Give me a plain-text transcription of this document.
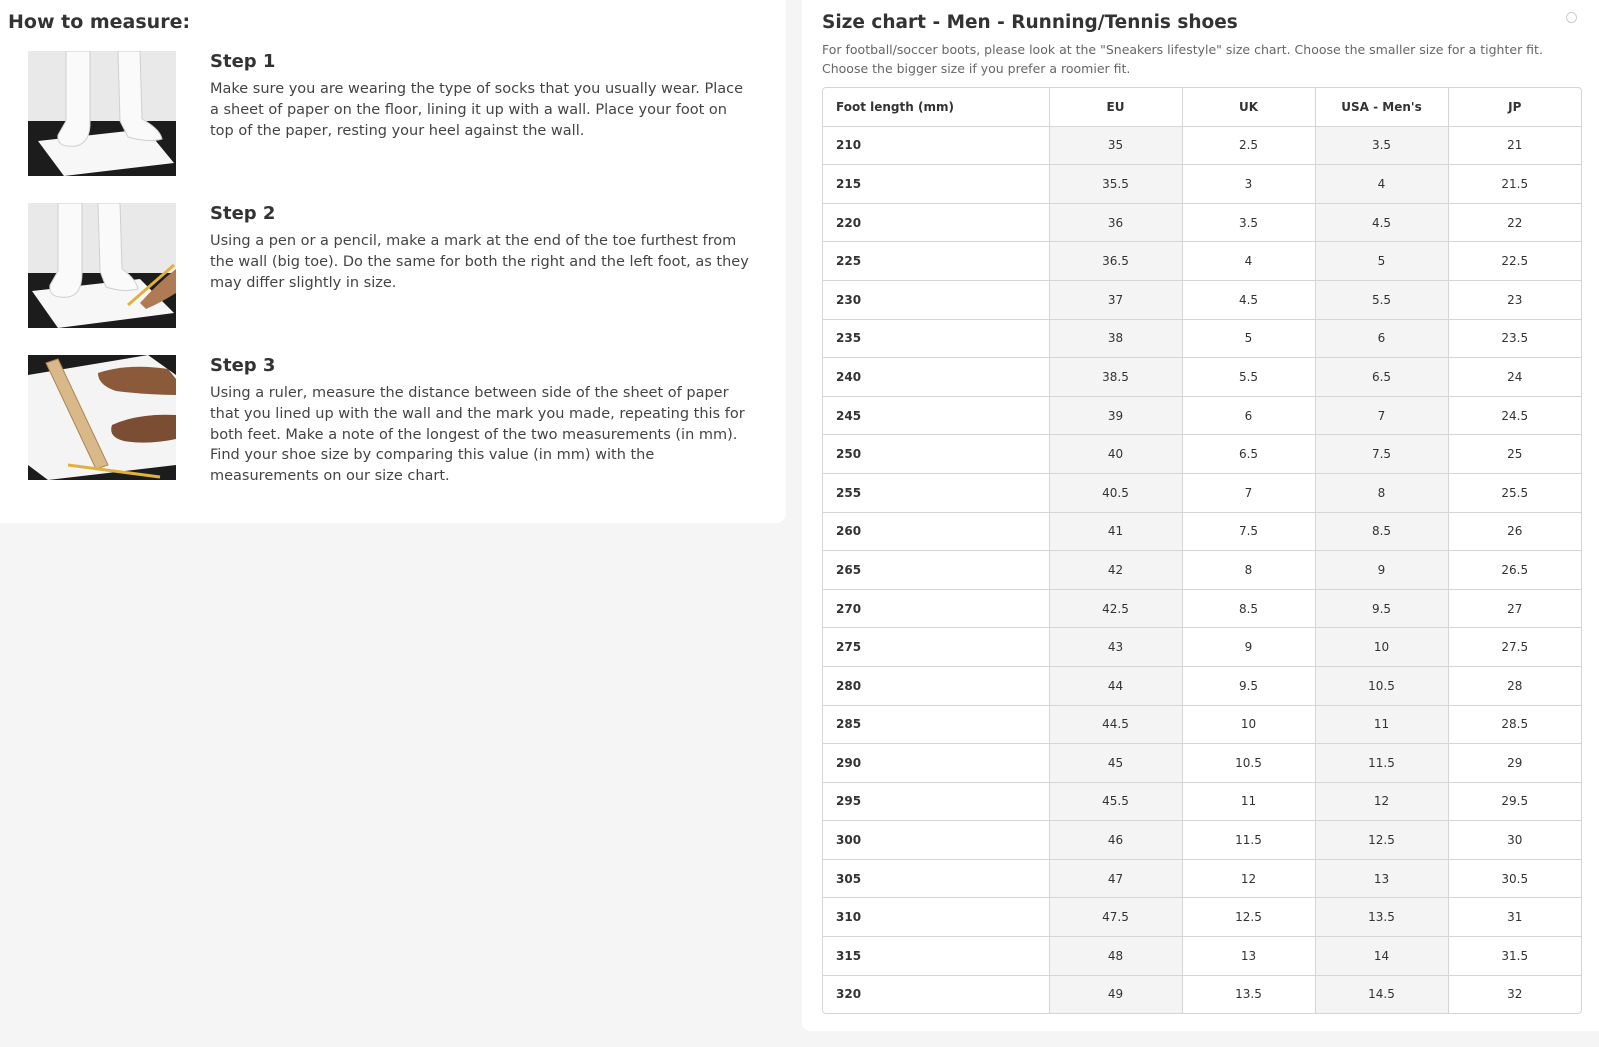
How to measure:
Step 1
Make sure you are wearing the type of socks that you usually wear. Place a sheet of paper on the floor, lining it up with a wall. Place your foot on top of the paper, resting your heel against the wall.
Step 2
Using a pen or a pencil, make a mark at the end of the toe furthest from the wall (big toe). Do the same for both the right and the left foot, as they may differ slightly in size.
Step 3
Using a ruler, measure the distance between side of the sheet of paper that you lined up with the wall and the mark you made, repeating this for both feet. Make a note of the longest of the two measurements (in mm). Find your shoe size by comparing this value (in mm) with the measurements on our size chart.
Size chart - Men - Running/Tennis shoes
For football/soccer boots, please look at the "Sneakers lifestyle" size chart. Choose the smaller size for a tighter fit. Choose the bigger size if you prefer a roomier fit.
Foot length (mm)	EU	UK	USA - Men's	JP
210	35	2.5	3.5	21
215	35.5	3	4	21.5
220	36	3.5	4.5	22
225	36.5	4	5	22.5
230	37	4.5	5.5	23
235	38	5	6	23.5
240	38.5	5.5	6.5	24
245	39	6	7	24.5
250	40	6.5	7.5	25
255	40.5	7	8	25.5
260	41	7.5	8.5	26
265	42	8	9	26.5
270	42.5	8.5	9.5	27
275	43	9	10	27.5
280	44	9.5	10.5	28
285	44.5	10	11	28.5
290	45	10.5	11.5	29
295	45.5	11	12	29.5
300	46	11.5	12.5	30
305	47	12	13	30.5
310	47.5	12.5	13.5	31
315	48	13	14	31.5
320	49	13.5	14.5	32
